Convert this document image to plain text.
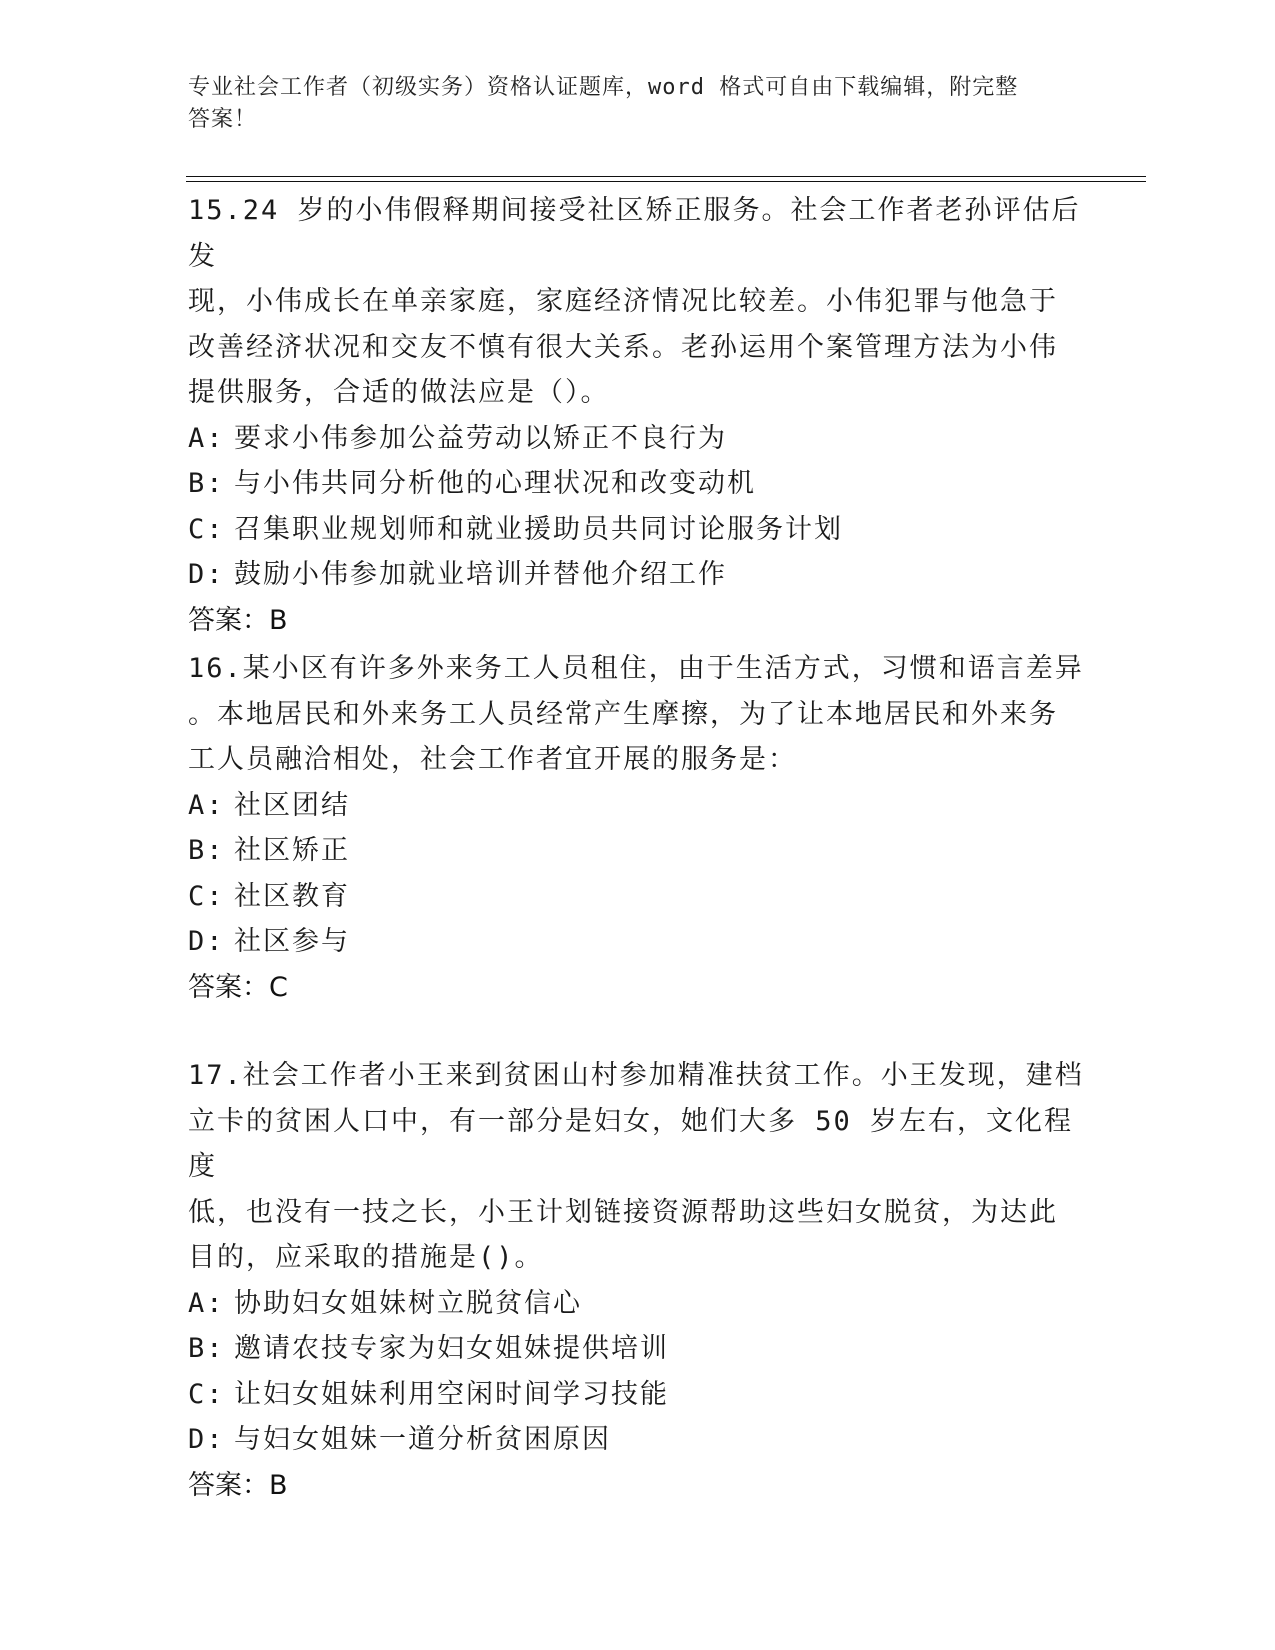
专业社会工作者（初级实务）资格认证题库，word 格式可自由下载编辑，附完整
答案！

15.24 岁的小伟假释期间接受社区矫正服务。社会工作者老孙评估后发

现，小伟成长在单亲家庭，家庭经济情况比较差。小伟犯罪与他急于

改善经济状况和交友不慎有很大关系。老孙运用个案管理方法为小伟

提供服务，合适的做法应是（）。

A: 要求小伟参加公益劳动以矫正不良行为

B: 与小伟共同分析他的心理状况和改变动机

C: 召集职业规划师和就业援助员共同讨论服务计划

D: 鼓励小伟参加就业培训并替他介绍工作

答案：B

16.某小区有许多外来务工人员租住，由于生活方式，习惯和语言差异

。本地居民和外来务工人员经常产生摩擦，为了让本地居民和外来务

工人员融洽相处，社会工作者宜开展的服务是：

A: 社区团结

B: 社区矫正

C: 社区教育

D: 社区参与

答案：C

17.社会工作者小王来到贫困山村参加精准扶贫工作。小王发现，建档

立卡的贫困人口中，有一部分是妇女，她们大多 50 岁左右，文化程度

低，也没有一技之长，小王计划链接资源帮助这些妇女脱贫，为达此

目的，应采取的措施是()。

A: 协助妇女姐妹树立脱贫信心

B: 邀请农技专家为妇女姐妹提供培训

C: 让妇女姐妹利用空闲时间学习技能

D: 与妇女姐妹一道分析贫困原因

答案：B
